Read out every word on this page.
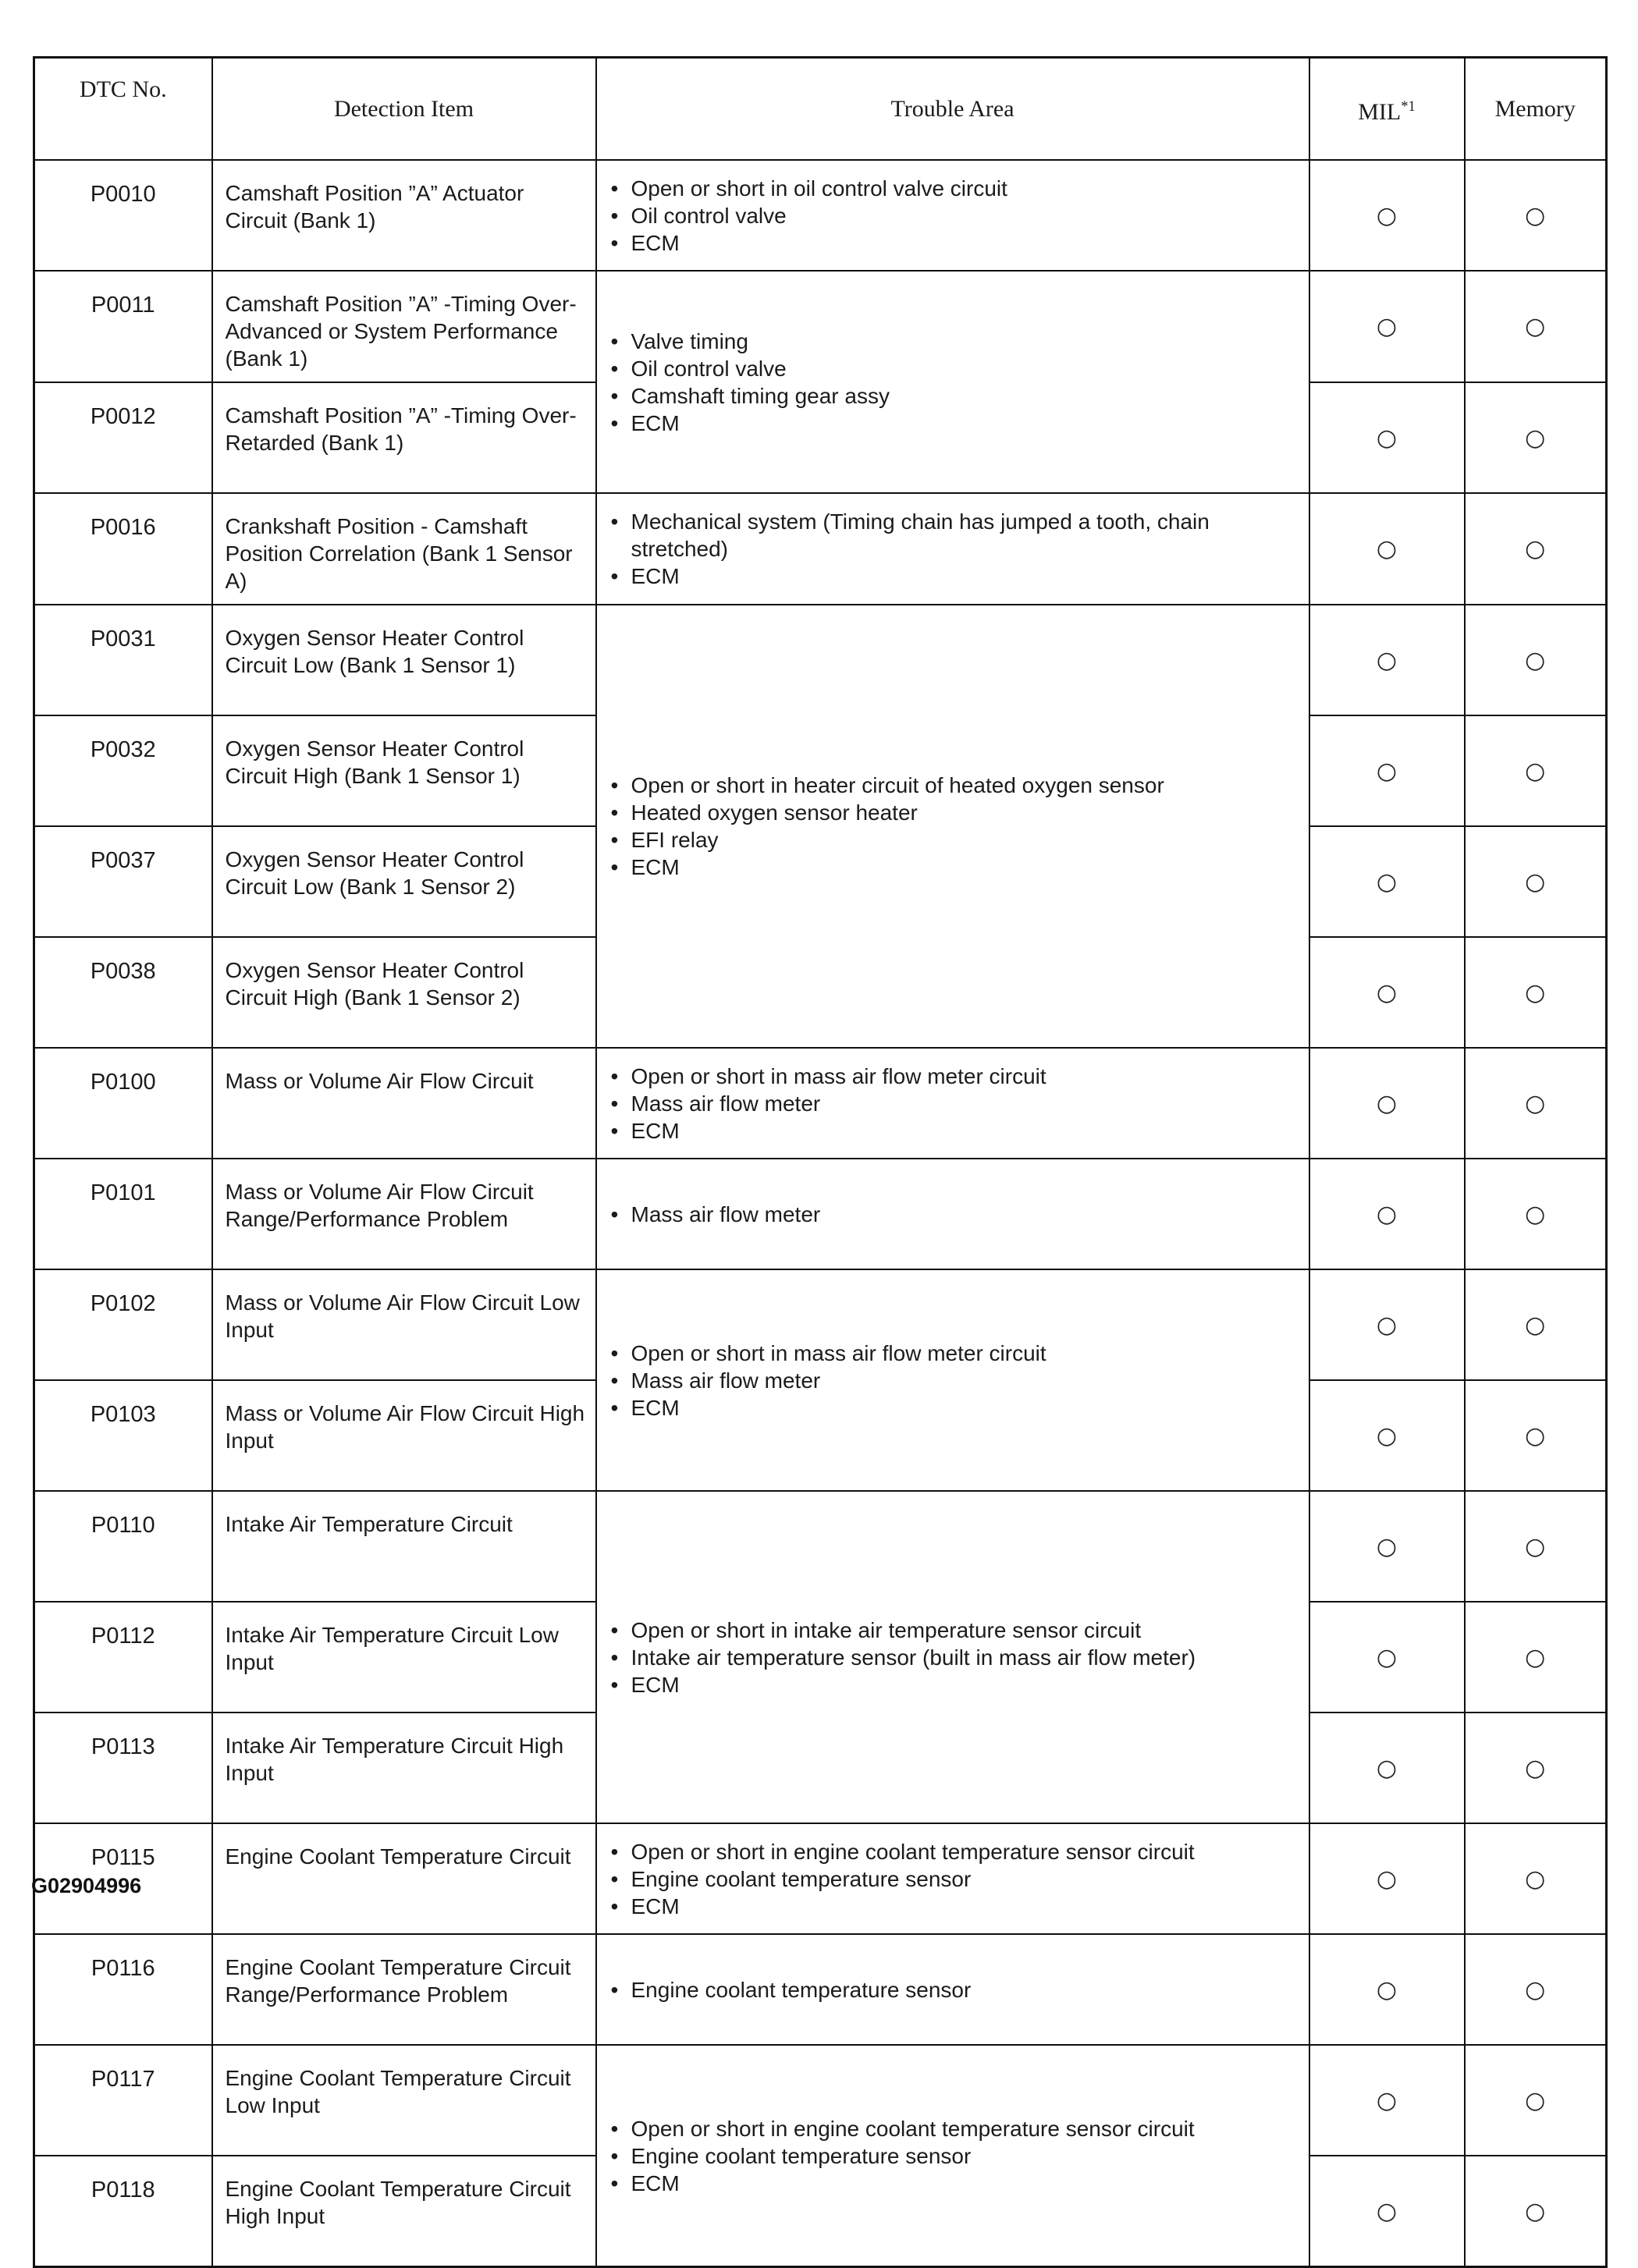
DTC No.	Detection Item	Trouble Area	MIL$^{*1}$	Memory
P0010	Camshaft Position ”A” Actuator Circuit (Bank 1)	
• Open or short in oil control valve circuit
• Oil control valve
• ECM
	○	○
P0011	Camshaft Position ”A” -Timing Over-Advanced or System Performance (Bank 1)	
• Valve timing
• Oil control valve
• Camshaft timing gear assy
• ECM
	○	○
P0012	Camshaft Position ”A” -Timing Over- Retarded (Bank 1)		○	○
P0016	Crankshaft Position - Camshaft Position Correlation (Bank 1 Sensor A)	
• Mechanical system (Timing chain has jumped a tooth, chain stretched)
• ECM
	○	○
P0031	Oxygen Sensor Heater Control Circuit Low (Bank 1 Sensor 1)	
• Open or short in heater circuit of heated oxygen sensor
• Heated oxygen sensor heater
• EFI relay
• ECM
	○	○
P0032	Oxygen Sensor Heater Control Circuit High (Bank 1 Sensor 1)		○	○
P0037	Oxygen Sensor Heater Control Circuit Low (Bank 1 Sensor 2)		○	○
P0038	Oxygen Sensor Heater Control Circuit High (Bank 1 Sensor 2)		○	○
P0100	Mass or Volume Air Flow Circuit	• Open or short in mass air flow meter circuit
• Mass air flow meter
• ECM
	○	○
P0101	Mass or Volume Air Flow Circuit Range/Performance Problem	• Mass air flow meter	○	○
P0102	Mass or Volume Air Flow Circuit Low Input	
• Open or short in mass air flow meter circuit
• Mass air flow meter
• ECM
	○	○
P0103	Mass or Volume Air Flow Circuit High Input		○	○
P0110	Intake Air Temperature Circuit	
• Open or short in intake air temperature sensor circuit
• Intake air temperature sensor (built in mass air flow meter)
• ECM
	○	○
P0112	Intake Air Temperature Circuit Low Input		○	○
P0113	Intake Air Temperature Circuit High Input		○	○
P0115	Engine Coolant Temperature Circuit	• Open or short in engine coolant temperature sensor circuit
• Engine coolant temperature sensor
• ECM
	○	○
P0116	Engine Coolant Temperature Circuit Range/Performance Problem	• Engine coolant temperature sensor	○	○
P0117	Engine Coolant Temperature Circuit Low Input	
• Open or short in engine coolant temperature sensor circuit
• Engine coolant temperature sensor
• ECM
	○	○
P0118	Engine Coolant Temperature Circuit High Input		○	○
G02904996
